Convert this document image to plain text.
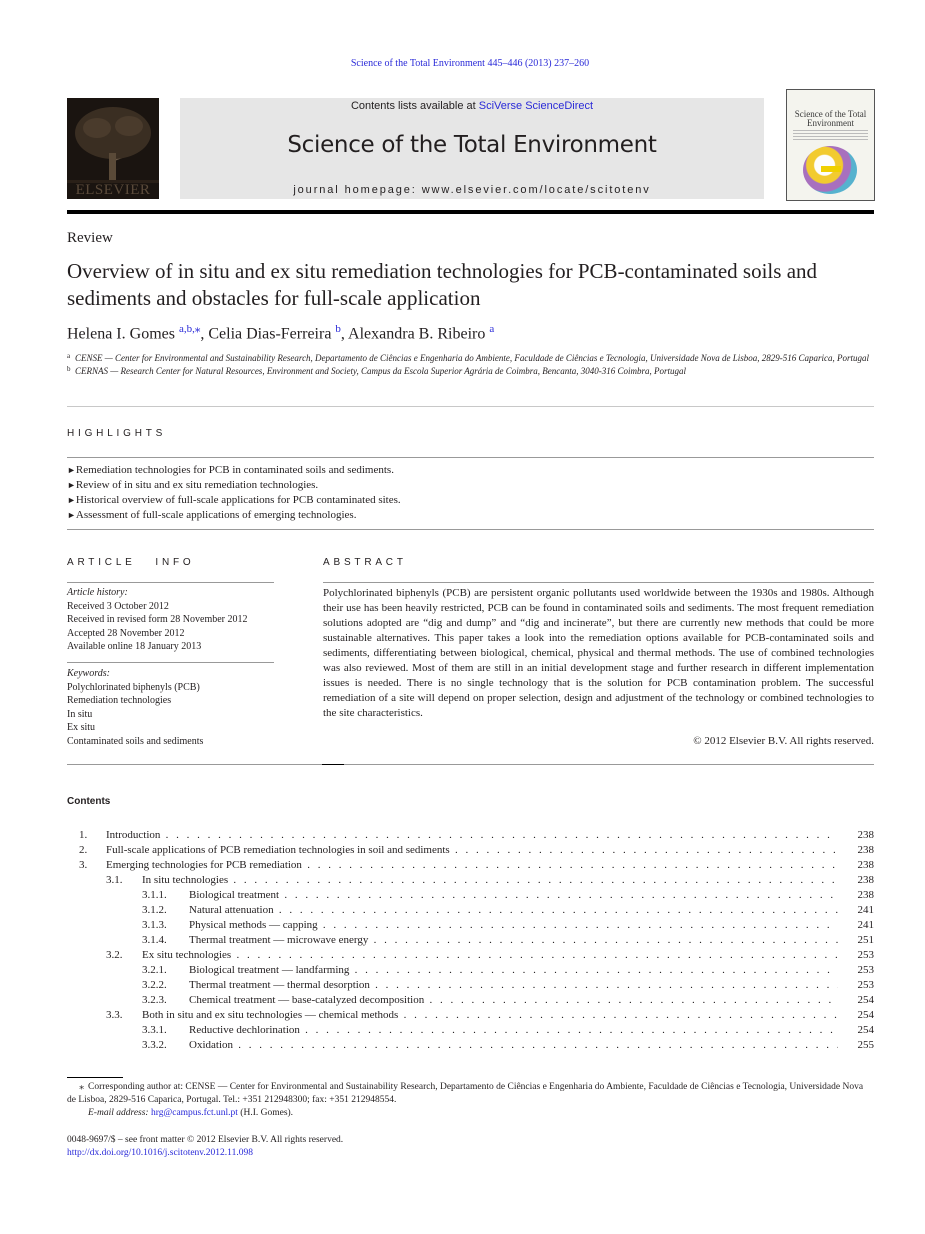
Science of the Total Environment 445–446 (2013) 237–260
ELSEVIER
Contents lists available at SciVerse ScienceDirect
Science of the Total Environment
journal homepage: www.elsevier.com/locate/scitotenv
Science of the Total Environment
Review
Overview of in situ and ex situ remediation technologies for PCB-contaminated soils and sediments and obstacles for full-scale application
Helena I. Gomes $^{a,b,⁎}$, Celia Dias-Ferreira $^b$, Alexandra B. Ribeiro $^a$
a CENSE — Center for Environmental and Sustainability Research, Departamento de Ciências e Engenharia do Ambiente, Faculdade de Ciências e Tecnologia, Universidade Nova de Lisboa, 2829-516 Caparica, Portugal
b CERNAS — Research Center for Natural Resources, Environment and Society, Campus da Escola Superior Agrária de Coimbra, Bencanta, 3040-316 Coimbra, Portugal
HIGHLIGHTS
► Remediation technologies for PCB in contaminated soils and sediments.
► Review of in situ and ex situ remediation technologies.
► Historical overview of full-scale applications for PCB contaminated sites.
► Assessment of full-scale applications of emerging technologies.
ARTICLE   INFO	ABSTRACT
Article history:
Received 3 October 2012
Received in revised form 28 November 2012
Accepted 28 November 2012
Available online 18 January 2013
Keywords:
Polychlorinated biphenyls (PCB)
Remediation technologies
In situ
Ex situ
Contaminated soils and sediments

Polychlorinated biphenyls (PCB) are persistent organic pollutants used worldwide between the 1930s and 1980s. Although their use has been heavily restricted, PCB can be found in contaminated soils and sediments. The most frequent remediation solutions adopted are “dig and dump” and “dig and incinerate”, but there are currently new methods that could be more sustainable alternatives. This paper takes a look into the remediation options available for PCB-contaminated soils and sediments, differentiating between biological, chemical, physical and thermal methods. The use of combined technologies was also reviewed. Most of them are still in an initial development stage and further research in different implementation issues is needed. There is no single technology that is the solution for PCB contamination problem. The successful remediation of a site will depend on proper selection, design and adjustment of the technology or combined technologies to the site characteristics.

© 2012 Elsevier B.V. All rights reserved.
Contents
1. Introduction . . .	238
2. Full-scale applications of PCB remediation technologies in soil and sediments . . .	238
3. Emerging technologies for PCB remediation . . .	238
3.1. In situ technologies . . .	238
3.1.1. Biological treatment . . .	238
3.1.2. Natural attenuation . . .	241
3.1.3. Physical methods — capping . . .	241
3.1.4. Thermal treatment — microwave energy . . .	251
3.2. Ex situ technologies . . .	253
3.2.1. Biological treatment — landfarming . . .	253
3.2.2. Thermal treatment — thermal desorption . . .	253
3.2.3. Chemical treatment — base-catalyzed decomposition . . .	254
3.3. Both in situ and ex situ technologies — chemical methods . . .	254
3.3.1. Reductive dechlorination . . .	254
3.3.2. Oxidation . . .	255
⁎ Corresponding author at: CENSE — Center for Environmental and Sustainability Research, Departamento de Ciências e Engenharia do Ambiente, Faculdade de Ciências e Tecnologia, Universidade Nova de Lisboa, 2829-516 Caparica, Portugal. Tel.: +351 212948300; fax: +351 212948554.
E-mail address: hrg@campus.fct.unl.pt (H.I. Gomes).
0048-9697/$ – see front matter © 2012 Elsevier B.V. All rights reserved.
http://dx.doi.org/10.1016/j.scitotenv.2012.11.098
